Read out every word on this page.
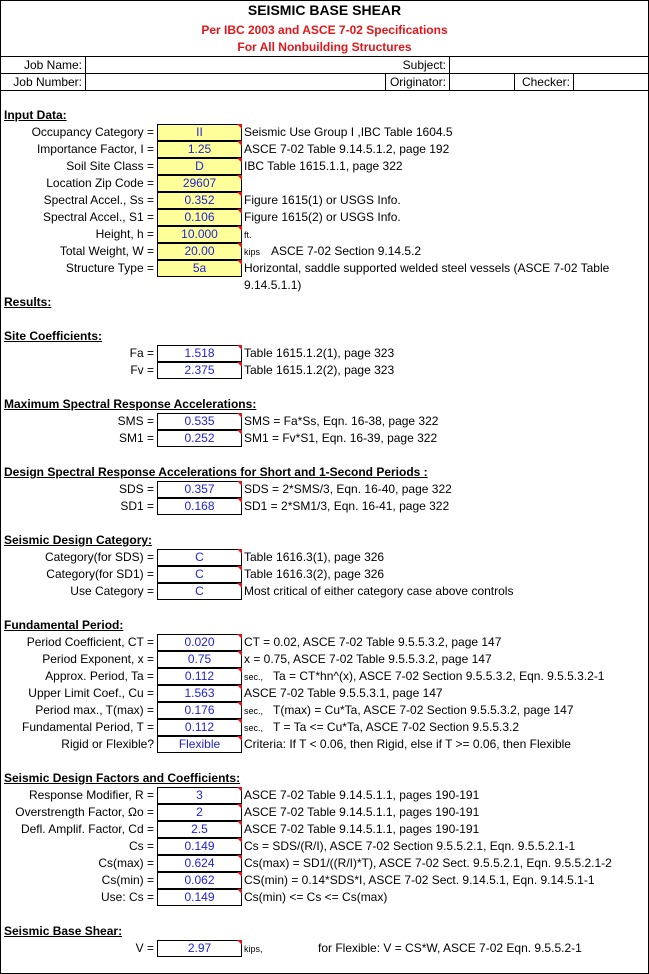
SEISMIC BASE SHEAR
Per IBC 2003 and ASCE 7-02 Specifications
For All Nonbuilding Structures
Job Name:	Subject:
Job Number:	Originator:	Checker:
Input Data:
Occupancy Category =	II	Seismic Use Group I ,IBC Table 1604.5
Importance Factor, I =	1.25	ASCE 7-02 Table 9.14.5.1.2, page 192
Soil Site Class =	D	IBC Table 1615.1.1, page 322
Location Zip Code =	29607
Spectral Accel., Ss =	0.352	Figure 1615(1) or USGS Info.
Spectral Accel., S1 =	0.106	Figure 1615(2) or USGS Info.
Height, h =	10.000	ft.
Total Weight, W =	20.00	kips ASCE 7-02 Section 9.14.5.2
Structure Type =	5a	Horizontal, saddle supported welded steel vessels (ASCE 7-02 Table
9.14.5.1.1)
Results:
Site Coefficients:
Fa =	1.518	Table 1615.1.2(1), page 323
Fv =	2.375	Table 1615.1.2(2), page 323
Maximum Spectral Response Accelerations:
SMS =	0.535	SMS = Fa*Ss, Eqn. 16-38, page 322
SM1 =	0.252	SM1 = Fv*S1, Eqn. 16-39, page 322
Design Spectral Response Accelerations for Short and 1-Second Periods :
SDS =	0.357	SDS = 2*SMS/3, Eqn. 16-40, page 322
SD1 =	0.168	SD1 = 2*SM1/3, Eqn. 16-41, page 322
Seismic Design Category:
Category(for SDS) =	C	Table 1616.3(1), page 326
Category(for SD1) =	C	Table 1616.3(2), page 326
Use Category =	C	Most critical of either category case above controls
Fundamental Period:
Period Coefficient, CT =	0.020	CT = 0.02, ASCE 7-02 Table 9.5.5.3.2, page 147
Period Exponent, x =	0.75	x = 0.75, ASCE 7-02 Table 9.5.5.3.2, page 147
Approx. Period, Ta =	0.112	sec., Ta = CT*hn^(x), ASCE 7-02 Section 9.5.5.3.2, Eqn. 9.5.5.3.2-1
Upper Limit Coef., Cu =	1.563	ASCE 7-02 Table 9.5.5.3.1, page 147
Period max., T(max) =	0.176	sec., T(max) = Cu*Ta, ASCE 7-02 Section 9.5.5.3.2, page 147
Fundamental Period, T =	0.112	sec., T = Ta <= Cu*Ta, ASCE 7-02 Section 9.5.5.3.2
Rigid or Flexible?	Flexible	Criteria: If T < 0.06, then Rigid, else if T >= 0.06, then Flexible
Seismic Design Factors and Coefficients:
Response Modifier, R =	3	ASCE 7-02 Table 9.14.5.1.1, pages 190-191
Overstrength Factor, Ωo =	2	ASCE 7-02 Table 9.14.5.1.1, pages 190-191
Defl. Amplif. Factor, Cd =	2.5	ASCE 7-02 Table 9.14.5.1.1, pages 190-191
Cs =	0.149	Cs = SDS/(R/I), ASCE 7-02 Section 9.5.5.2.1, Eqn. 9.5.5.2.1-1
Cs(max) =	0.624	Cs(max) = SD1/((R/I)*T), ASCE 7-02 Sect. 9.5.5.2.1, Eqn. 9.5.5.2.1-2
Cs(min) =	0.062	CS(min) = 0.14*SDS*I, ASCE 7-02 Sect. 9.14.5.1, Eqn. 9.14.5.1-1
Use: Cs =	0.149	Cs(min) <= Cs <= Cs(max)
Seismic Base Shear:
V =	2.97	kips,	for Flexible: V = CS*W, ASCE 7-02 Eqn. 9.5.5.2-1
